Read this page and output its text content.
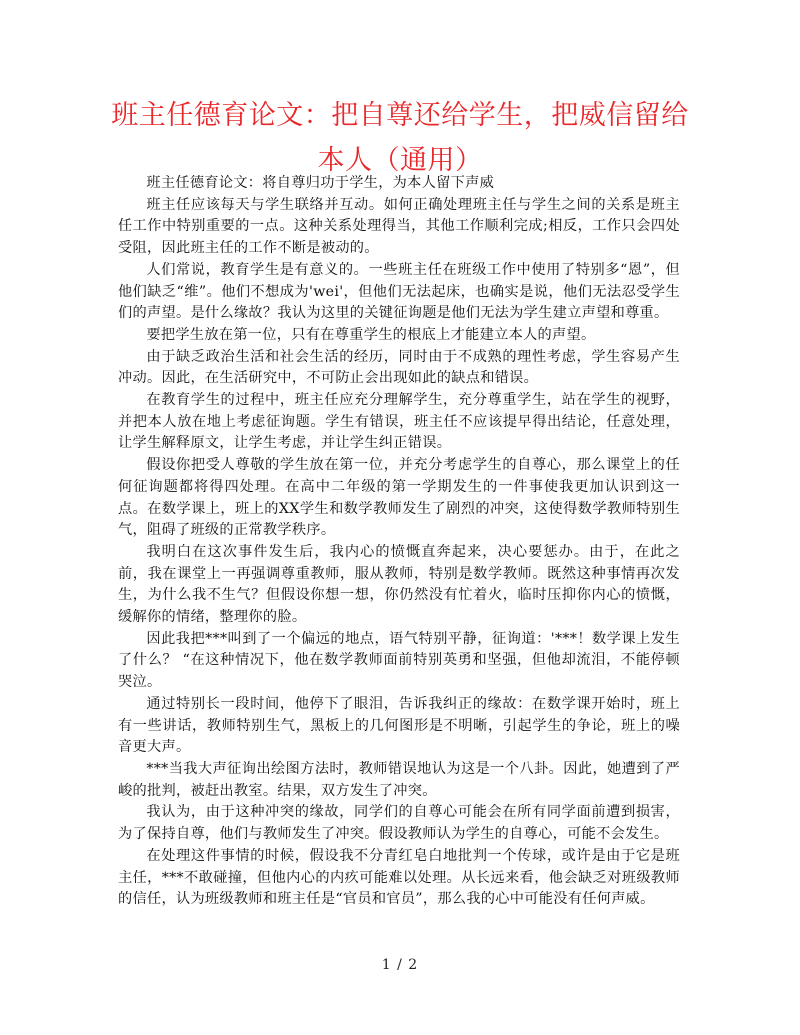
班主任德育论文：把自尊还给学生，把威信留给本人（通用）

班主任德育论文：将自尊归功于学生，为本人留下声威

班主任应该每天与学生联络并互动。如何正确处理班主任与学生之间的关系是班主任工作中特别重要的一点。这种关系处理得当，其他工作顺利完成;相反，工作只会四处受阻，因此班主任的工作不断是被动的。

人们常说，教育学生是有意义的。一些班主任在班级工作中使用了特别多“恩”，但他们缺乏“维”。他们不想成为'wei'，但他们无法起床，也确实是说，他们无法忍受学生们的声望。是什么缘故？我认为这里的关键征询题是他们无法为学生建立声望和尊重。

要把学生放在第一位，只有在尊重学生的根底上才能建立本人的声望。

由于缺乏政治生活和社会生活的经历，同时由于不成熟的理性考虑，学生容易产生冲动。因此，在生活研究中，不可防止会出现如此的缺点和错误。

在教育学生的过程中，班主任应充分理解学生，充分尊重学生，站在学生的视野，并把本人放在地上考虑征询题。学生有错误，班主任不应该提早得出结论，任意处理，让学生解释原文，让学生考虑，并让学生纠正错误。

假设你把受人尊敬的学生放在第一位，并充分考虑学生的自尊心，那么课堂上的任何征询题都将得四处理。在高中二年级的第一学期发生的一件事使我更加认识到这一点。在数学课上，班上的XX学生和数学教师发生了剧烈的冲突，这使得数学教师特别生气，阻碍了班级的正常教学秩序。

我明白在这次事件发生后，我内心的愤慨直奔起来，决心要惩办。由于，在此之前，我在课堂上一再强调尊重教师，服从教师，特别是数学教师。既然这种事情再次发生，为什么我不生气？但假设你想一想，你仍然没有忙着火，临时压抑你内心的愤慨，缓解你的情绪，整理你的脸。

因此我把***叫到了一个偏远的地点，语气特别平静，征询道：'***！数学课上发生了什么？ “在这种情况下，他在数学教师面前特别英勇和坚强，但他却流泪，不能停顿哭泣。

通过特别长一段时间，他停下了眼泪，告诉我纠正的缘故：在数学课开始时，班上有一些讲话，教师特别生气，黑板上的几何图形是不明晰，引起学生的争论，班上的噪音更大声。

***当我大声征询出绘图方法时，教师错误地认为这是一个八卦。因此，她遭到了严峻的批判，被赶出教室。结果，双方发生了冲突。

我认为，由于这种冲突的缘故，同学们的自尊心可能会在所有同学面前遭到损害，为了保持自尊，他们与教师发生了冲突。假设教师认为学生的自尊心，可能不会发生。

在处理这件事情的时候，假设我不分青红皂白地批判一个传球，或许是由于它是班主任，***不敢碰撞，但他内心的内疚可能难以处理。从长远来看，他会缺乏对班级教师的信任，认为班级教师和班主任是“官员和官员”，那么我的心中可能没有任何声威。

1 / 2
